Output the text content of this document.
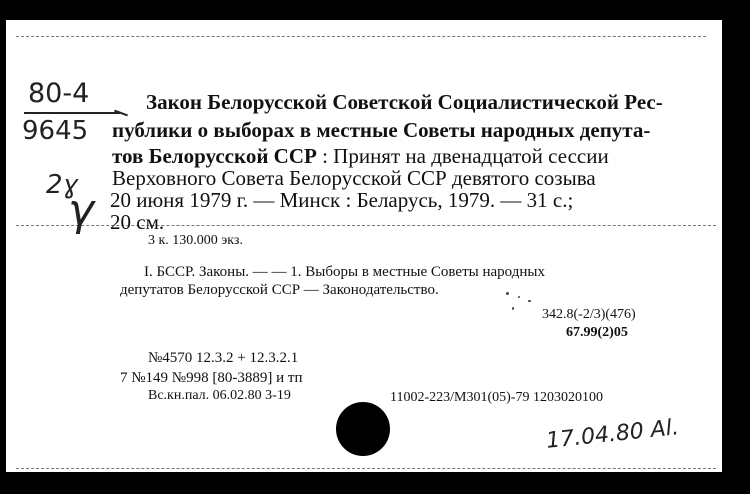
80-4
9645
2ɣ
γ
Закон Белорусской Советской Социалистической Рес-
публики о выборах в местные Советы народных депута-
тов Белорусской ССР : Принят на двенадцатой сессии
Верховного Совета Белорусской ССР девятого созыва
20 июня 1979 г. — Минск : Беларусь, 1979. — 31 с.;
20 см.
3 к. 130.000 экз.
I. БССР. Законы. — — 1. Выборы в местные Советы народных
депутатов Белорусской ССР — Законодательство.
342.8(-2/3)(476)
67.99(2)05
№4570 12.3.2 + 12.3.2.1
7 №149 №998 [80-3889] и тп
Вс.кн.пал. 06.02.80 3-19	11002-223/М301(05)-79 1203020100
17.04.80 Al.
